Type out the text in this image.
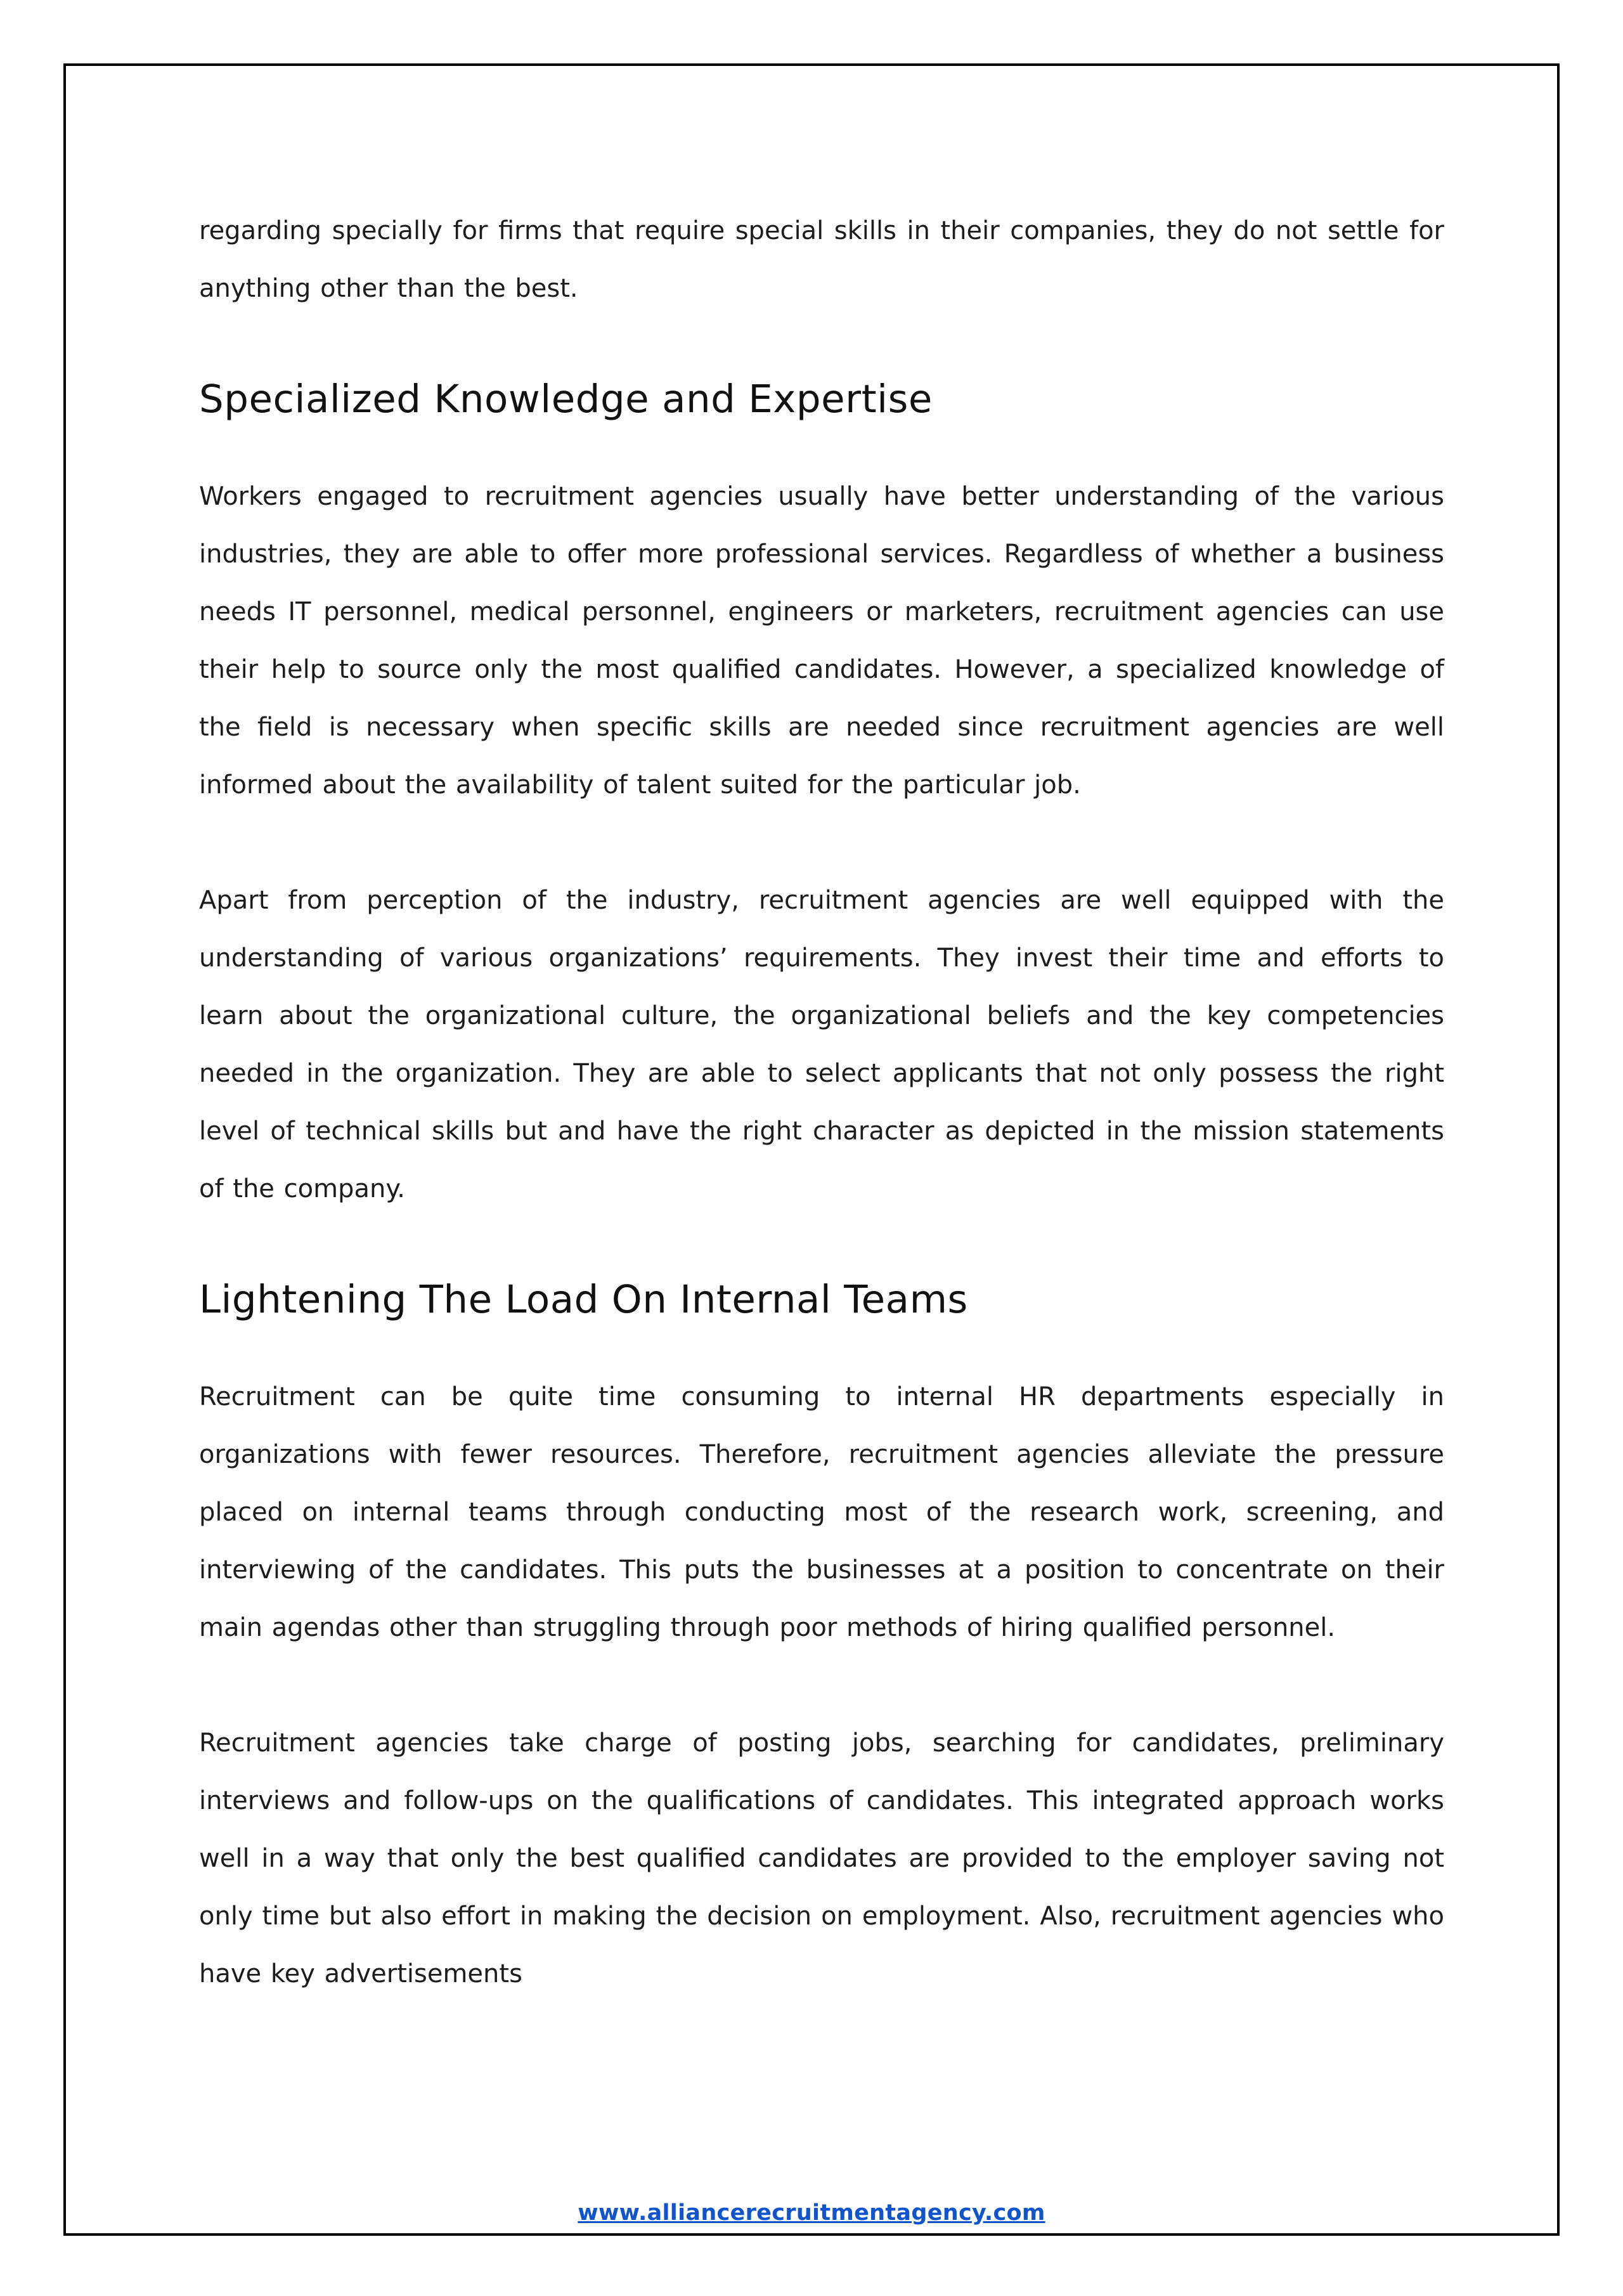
regarding specially for firms that require special skills in their companies, they do not settle for anything other than the best.

Specialized Knowledge and Expertise

Workers engaged to recruitment agencies usually have better understanding of the various industries, they are able to offer more professional services. Regardless of whether a business needs IT personnel, medical personnel, engineers or marketers, recruitment agencies can use their help to source only the most qualified candidates. However, a specialized knowledge of the field is necessary when specific skills are needed since recruitment agencies are well informed about the availability of talent suited for the particular job.

Apart from perception of the industry, recruitment agencies are well equipped with the understanding of various organizations’ requirements. They invest their time and efforts to learn about the organizational culture, the organizational beliefs and the key competencies needed in the organization. They are able to select applicants that not only possess the right level of technical skills but and have the right character as depicted in the mission statements of the company.

Lightening The Load On Internal Teams

Recruitment can be quite time consuming to internal HR departments especially in organizations with fewer resources. Therefore, recruitment agencies alleviate the pressure placed on internal teams through conducting most of the research work, screening, and interviewing of the candidates. This puts the businesses at a position to concentrate on their main agendas other than struggling through poor methods of hiring qualified personnel.

Recruitment agencies take charge of posting jobs, searching for candidates, preliminary interviews and follow-ups on the qualifications of candidates. This integrated approach works well in a way that only the best qualified candidates are provided to the employer saving not only time but also effort in making the decision on employment. Also, recruitment agencies who have key advertisements

www.alliancerecruitmentagency.com
